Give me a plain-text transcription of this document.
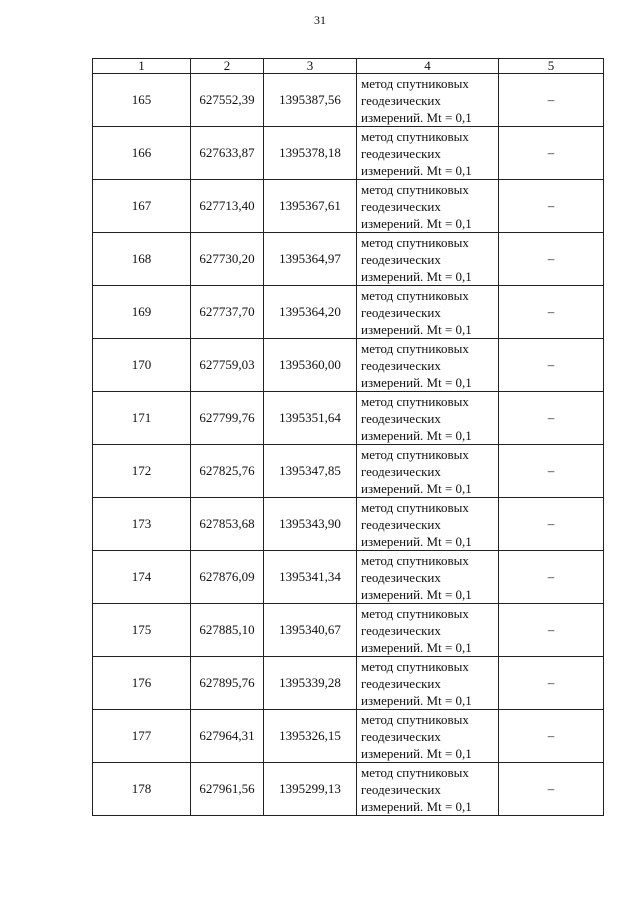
31
1	2	3	4	5
165	627552,39	1395387,56	метод спутниковых
геодезических
измерений. Mt = 0,1	–
166	627633,87	1395378,18	метод спутниковых
геодезических
измерений. Mt = 0,1	–
167	627713,40	1395367,61	метод спутниковых
геодезических
измерений. Mt = 0,1	–
168	627730,20	1395364,97	метод спутниковых
геодезических
измерений. Mt = 0,1	–
169	627737,70	1395364,20	метод спутниковых
геодезических
измерений. Mt = 0,1	–
170	627759,03	1395360,00	метод спутниковых
геодезических
измерений. Mt = 0,1	–
171	627799,76	1395351,64	метод спутниковых
геодезических
измерений. Mt = 0,1	–
172	627825,76	1395347,85	метод спутниковых
геодезических
измерений. Mt = 0,1	–
173	627853,68	1395343,90	метод спутниковых
геодезических
измерений. Mt = 0,1	–
174	627876,09	1395341,34	метод спутниковых
геодезических
измерений. Mt = 0,1	–
175	627885,10	1395340,67	метод спутниковых
геодезических
измерений. Mt = 0,1	–
176	627895,76	1395339,28	метод спутниковых
геодезических
измерений. Mt = 0,1	–
177	627964,31	1395326,15	метод спутниковых
геодезических
измерений. Mt = 0,1	–
178	627961,56	1395299,13	метод спутниковых
геодезических
измерений. Mt = 0,1	–
